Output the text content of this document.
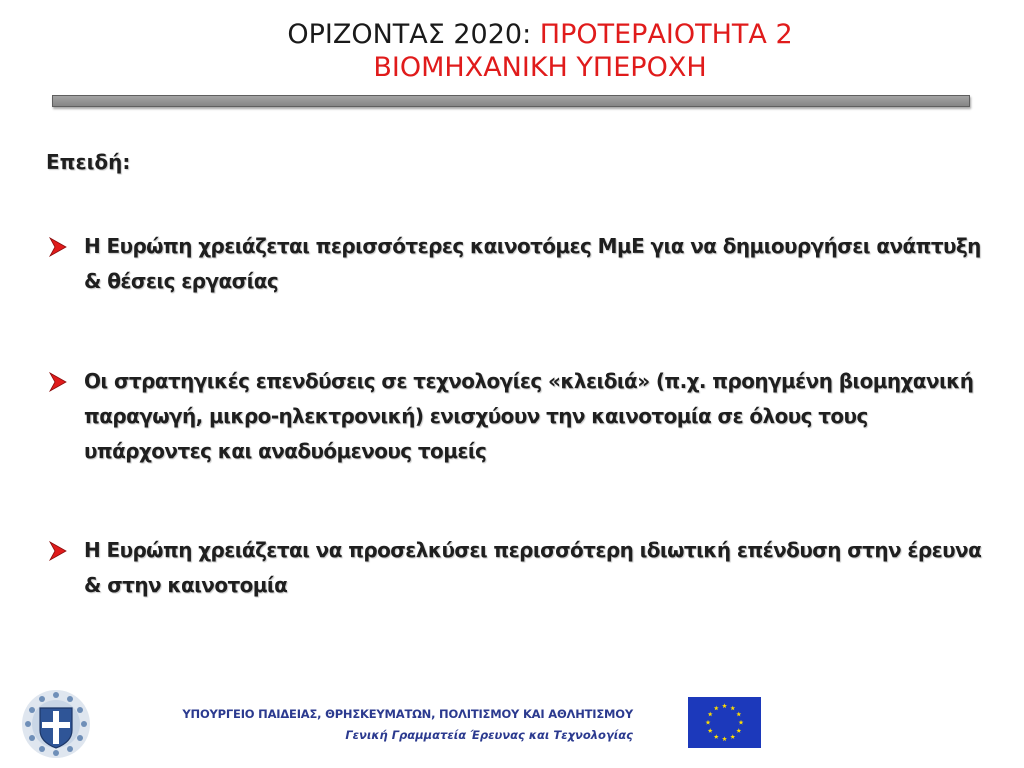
ΟΡΙΖΟΝΤΑΣ 2020: ΠΡΟΤΕΡΑΙΟΤΗΤΑ 2
ΒΙΟΜΗΧΑΝΙΚΗ ΥΠΕΡΟΧΗ
Επειδή:
Η Ευρώπη χρειάζεται περισσότερες καινοτόμες ΜμΕ για να δημιουργήσει ανάπτυξη & θέσεις εργασίας
Οι στρατηγικές επενδύσεις σε τεχνολογίες «κλειδιά» (π.χ. προηγμένη βιομηχανική παραγωγή, μικρο-ηλεκτρονική) ενισχύουν την καινοτομία σε όλους τους υπάρχοντες και αναδυόμενους τομείς
Η Ευρώπη χρειάζεται να προσελκύσει περισσότερη ιδιωτική επένδυση στην έρευνα & στην καινοτομία
ΥΠΟΥΡΓΕΙΟ ΠΑΙΔΕΙΑΣ, ΘΡΗΣΚΕΥΜΑΤΩΝ, ΠΟΛΙΤΙΣΜΟΥ ΚΑΙ ΑΘΛΗΤΙΣΜΟΥ
Γενική Γραμματεία Έρευνας και Τεχνολογίας
